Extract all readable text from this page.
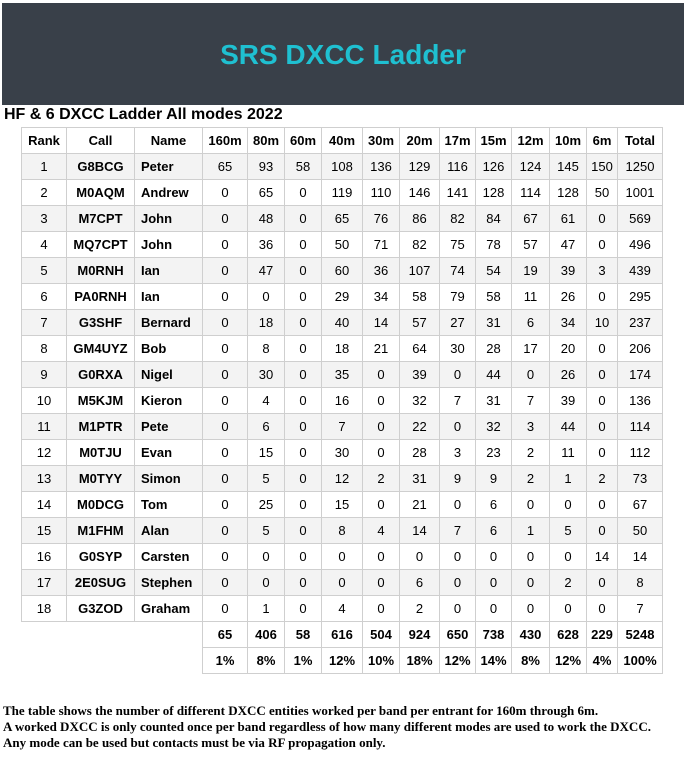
SRS DXCC Ladder
HF & 6 DXCC Ladder All modes 2022
Rank	Call	Name	160m	80m	60m	40m	30m	20m	17m	15m	12m	10m	6m	Total
1	G8BCG	Peter	65	93	58	108	136	129	116	126	124	145	150	1250
2	M0AQM	Andrew	0	65	0	119	110	146	141	128	114	128	50	1001
3	M7CPT	John	0	48	0	65	76	86	82	84	67	61	0	569
4	MQ7CPT	John	0	36	0	50	71	82	75	78	57	47	0	496
5	M0RNH	Ian	0	47	0	60	36	107	74	54	19	39	3	439
6	PA0RNH	Ian	0	0	0	29	34	58	79	58	11	26	0	295
7	G3SHF	Bernard	0	18	0	40	14	57	27	31	6	34	10	237
8	GM4UYZ	Bob	0	8	0	18	21	64	30	28	17	20	0	206
9	G0RXA	Nigel	0	30	0	35	0	39	0	44	0	26	0	174
10	M5KJM	Kieron	0	4	0	16	0	32	7	31	7	39	0	136
11	M1PTR	Pete	0	6	0	7	0	22	0	32	3	44	0	114
12	M0TJU	Evan	0	15	0	30	0	28	3	23	2	11	0	112
13	M0TYY	Simon	0	5	0	12	2	31	9	9	2	1	2	73
14	M0DCG	Tom	0	25	0	15	0	21	0	6	0	0	0	67
15	M1FHM	Alan	0	5	0	8	4	14	7	6	1	5	0	50
16	G0SYP	Carsten	0	0	0	0	0	0	0	0	0	0	14	14
17	2E0SUG	Stephen	0	0	0	0	0	6	0	0	0	2	0	8
18	G3ZOD	Graham	0	1	0	4	0	2	0	0	0	0	0	7
			65	406	58	616	504	924	650	738	430	628	229	5248
			1%	8%	1%	12%	10%	18%	12%	14%	8%	12%	4%	100%

The table shows the number of different DXCC entities worked per band per entrant for 160m through 6m.

A worked DXCC is only counted once per band regardless of how many different modes are used to work the DXCC.

Any mode can be used but contacts must be via RF propagation only.
